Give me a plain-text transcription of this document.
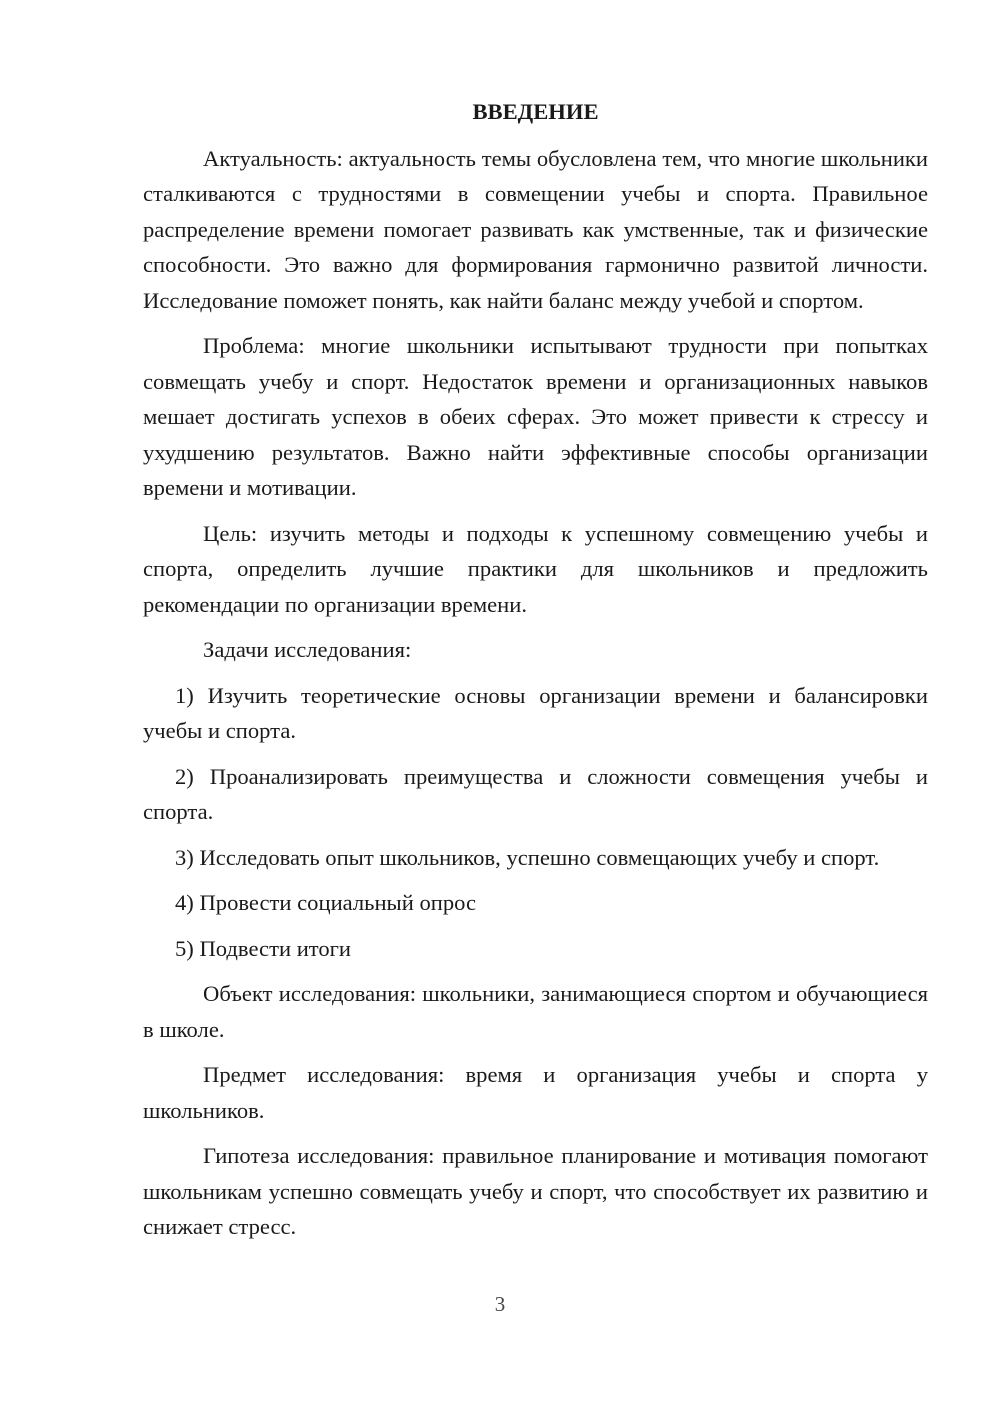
ВВЕДЕНИЕ

Актуальность: актуальность темы обусловлена тем, что многие школьники сталкиваются с трудностями в совмещении учебы и спорта. Правильное распределение времени помогает развивать как умственные, так и физические способности. Это важно для формирования гармонично развитой личности. Исследование поможет понять, как найти баланс между учебой и спортом.

Проблема: многие школьники испытывают трудности при попытках совмещать учебу и спорт. Недостаток времени и организационных навыков мешает достигать успехов в обеих сферах. Это может привести к стрессу и ухудшению результатов. Важно найти эффективные способы организации времени и мотивации.

Цель: изучить методы и подходы к успешному совмещению учебы и спорта, определить лучшие практики для школьников и предложить рекомендации по организации времени.

Задачи исследования:

1) Изучить теоретические основы организации времени и балансировки учебы и спорта.

2) Проанализировать преимущества и сложности совмещения учебы и спорта.

3) Исследовать опыт школьников, успешно совмещающих учебу и спорт.

4) Провести социальный опрос

5) Подвести итоги

Объект исследования: школьники, занимающиеся спортом и обучающиеся в школе.

Предмет исследования: время и организация учебы и спорта у школьников.

Гипотеза исследования: правильное планирование и мотивация помогают школьникам успешно совмещать учебу и спорт, что способствует их развитию и снижает стресс.

3
